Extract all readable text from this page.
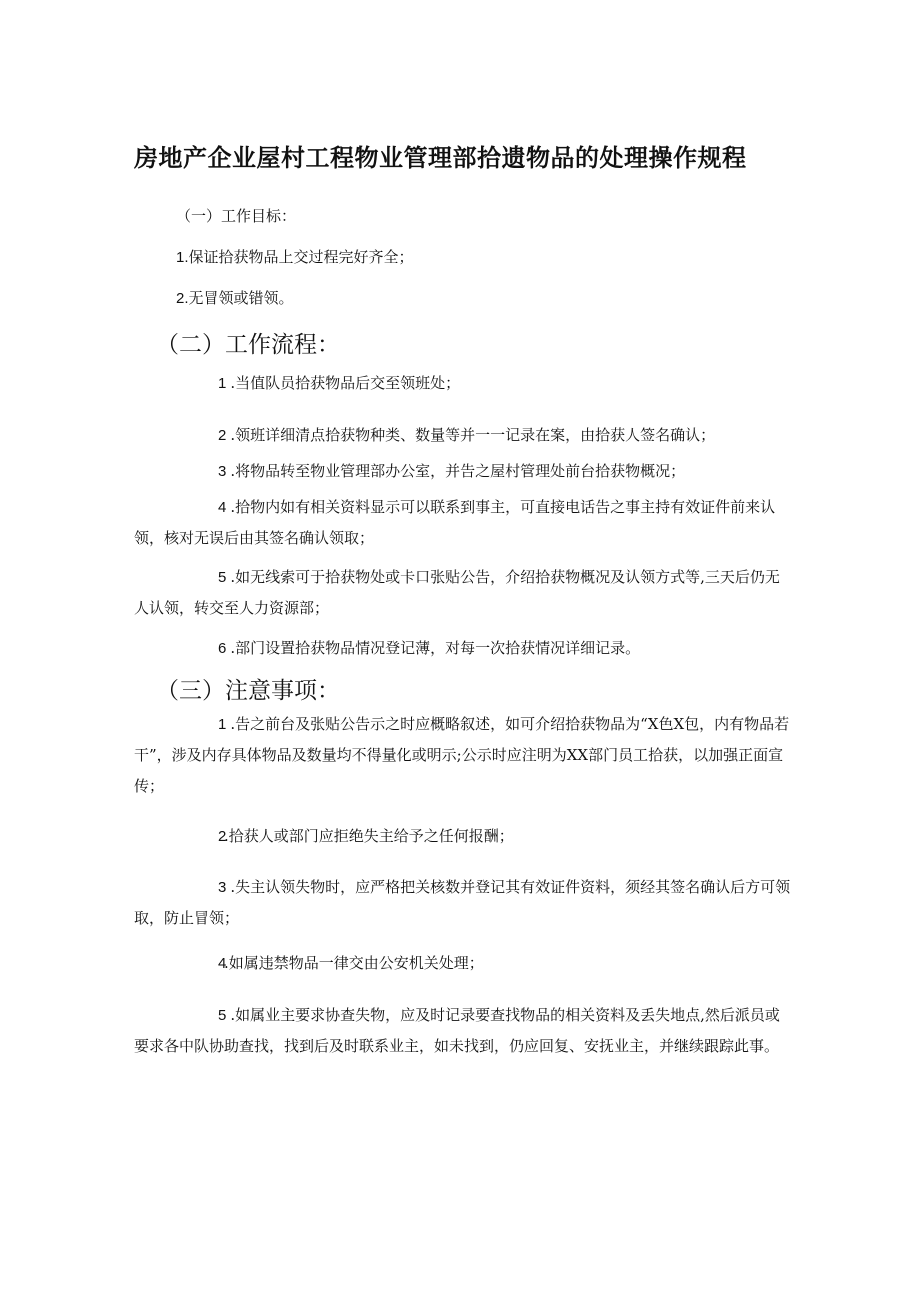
房地产企业屋村工程物业管理部拾遗物品的处理操作规程
（一）工作目标：
1.保证拾获物品上交过程完好齐全；
2.无冒领或错领。
（二）工作流程：
1 .当值队员拾获物品后交至领班处；
2 .领班详细清点拾获物种类、数量等并一一记录在案，由拾获人签名确认；
3 .将物品转至物业管理部办公室，并告之屋村管理处前台拾获物概况；
4 .拾物内如有相关资料显示可以联系到事主，可直接电话告之事主持有效证件前来认领，核对无误后由其签名确认领取；
5 .如无线索可于拾获物处或卡口张贴公告，介绍拾获物概况及认领方式等,三天后仍无人认领，转交至人力资源部；
6 .部门设置拾获物品情况登记薄，对每一次拾获情况详细记录。
（三）注意事项：
1 .告之前台及张贴公告示之时应概略叙述，如可介绍拾获物品为“X色X包，内有物品若干”，涉及内存具体物品及数量均不得量化或明示;公示时应注明为XX部门员工拾获，以加强正面宣传；
2.拾获人或部门应拒绝失主给予之任何报酬；
3 .失主认领失物时，应严格把关核数并登记其有效证件资料，须经其签名确认后方可领取，防止冒领；
4.如属违禁物品一律交由公安机关处理；
5 .如属业主要求协查失物，应及时记录要查找物品的相关资料及丢失地点,然后派员或要求各中队协助查找，找到后及时联系业主，如未找到，仍应回复、安抚业主，并继续跟踪此事。
